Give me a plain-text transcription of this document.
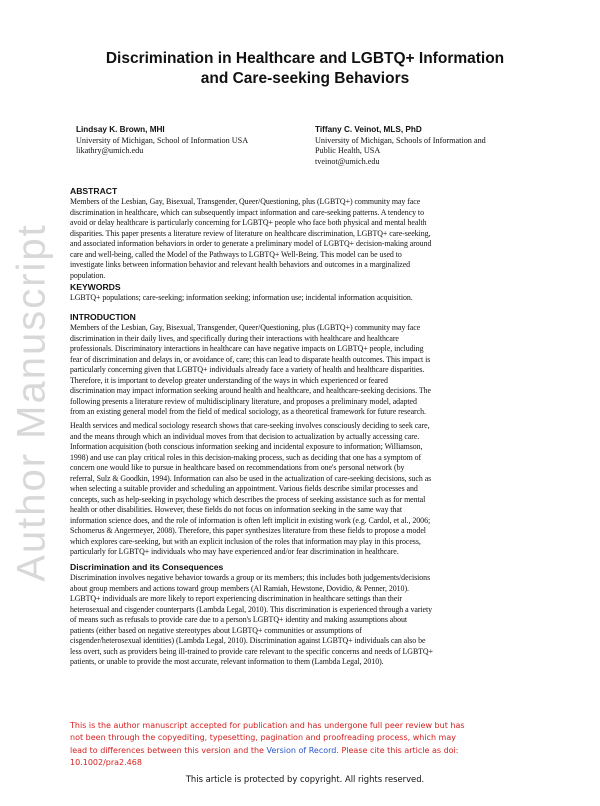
Author Manuscript
Discrimination in Healthcare and LGBTQ+ Information
and Care-seeking Behaviors
Lindsay K. Brown, MHI
University of Michigan, School of Information USA
likathry@umich.edu
Tiffany C. Veinot, MLS, PhD
University of Michigan, Schools of Information and
Public Health, USA
tveinot@umich.edu
ABSTRACT
Members of the Lesbian, Gay, Bisexual, Transgender, Queer/Questioning, plus (LGBTQ+) community may face
discrimination in healthcare, which can subsequently impact information and care-seeking patterns. A tendency to
avoid or delay healthcare is particularly concerning for LGBTQ+ people who face both physical and mental health
disparities. This paper presents a literature review of literature on healthcare discrimination, LGBTQ+ care-seeking,
and associated information behaviors in order to generate a preliminary model of LGBTQ+ decision-making around
care and well-being, called the Model of the Pathways to LGBTQ+ Well-Being. This model can be used to
investigate links between information behavior and relevant health behaviors and outcomes in a marginalized
population.
KEYWORDS
LGBTQ+ populations; care-seeking; information seeking; information use; incidental information acquisition.
INTRODUCTION
Members of the Lesbian, Gay, Bisexual, Transgender, Queer/Questioning, plus (LGBTQ+) community may face
discrimination in their daily lives, and specifically during their interactions with healthcare and healthcare
professionals. Discriminatory interactions in healthcare can have negative impacts on LGBTQ+ people, including
fear of discrimination and delays in, or avoidance of, care; this can lead to disparate health outcomes. This impact is
particularly concerning given that LGBTQ+ individuals already face a variety of health and healthcare disparities.
Therefore, it is important to develop greater understanding of the ways in which experienced or feared
discrimination may impact information seeking around health and healthcare, and healthcare-seeking decisions. The
following presents a literature review of multidisciplinary literature, and proposes a preliminary model, adapted
from an existing general model from the field of medical sociology, as a theoretical framework for future research.
Health services and medical sociology research shows that care-seeking involves consciously deciding to seek care,
and the means through which an individual moves from that decision to actualization by actually accessing care.
Information acquisition (both conscious information seeking and incidental exposure to information; Williamson,
1998) and use can play critical roles in this decision-making process, such as deciding that one has a symptom of
concern one would like to pursue in healthcare based on recommendations from one's personal network (by
referral, Sulz & Goodkin, 1994). Information can also be used in the actualization of care-seeking decisions, such as
when selecting a suitable provider and scheduling an appointment. Various fields describe similar processes and
concepts, such as help-seeking in psychology which describes the process of seeking assistance such as for mental
health or other disabilities. However, these fields do not focus on information seeking in the same way that
information science does, and the role of information is often left implicit in existing work (e.g. Cardol, et al., 2006;
Schomerus & Angermeyer, 2008). Therefore, this paper synthesizes literature from these fields to propose a model
which explores care-seeking, but with an explicit inclusion of the roles that information may play in this process,
particularly for LGBTQ+ individuals who may have experienced and/or fear discrimination in healthcare.
Discrimination and its Consequences
Discrimination involves negative behavior towards a group or its members; this includes both judgements/decisions
about group members and actions toward group members (Al Ramiah, Hewstone, Dovidio, & Penner, 2010).
LGBTQ+ individuals are more likely to report experiencing discrimination in healthcare settings than their
heterosexual and cisgender counterparts (Lambda Legal, 2010). This discrimination is experienced through a variety
of means such as refusals to provide care due to a person's LGBTQ+ identity and making assumptions about
patients (either based on negative stereotypes about LGBTQ+ communities or assumptions of
cisgender/heterosexual identities) (Lambda Legal, 2010). Discrimination against LGBTQ+ individuals can also be
less overt, such as providers being ill-trained to provide care relevant to the specific concerns and needs of LGBTQ+
patients, or unable to provide the most accurate, relevant information to them (Lambda Legal, 2010).
This is the author manuscript accepted for publication and has undergone full peer review but has
not been through the copyediting, typesetting, pagination and proofreading process, which may
lead to differences between this version and the Version of Record. Please cite this article as doi:
10.1002/pra2.468
This article is protected by copyright. All rights reserved.
